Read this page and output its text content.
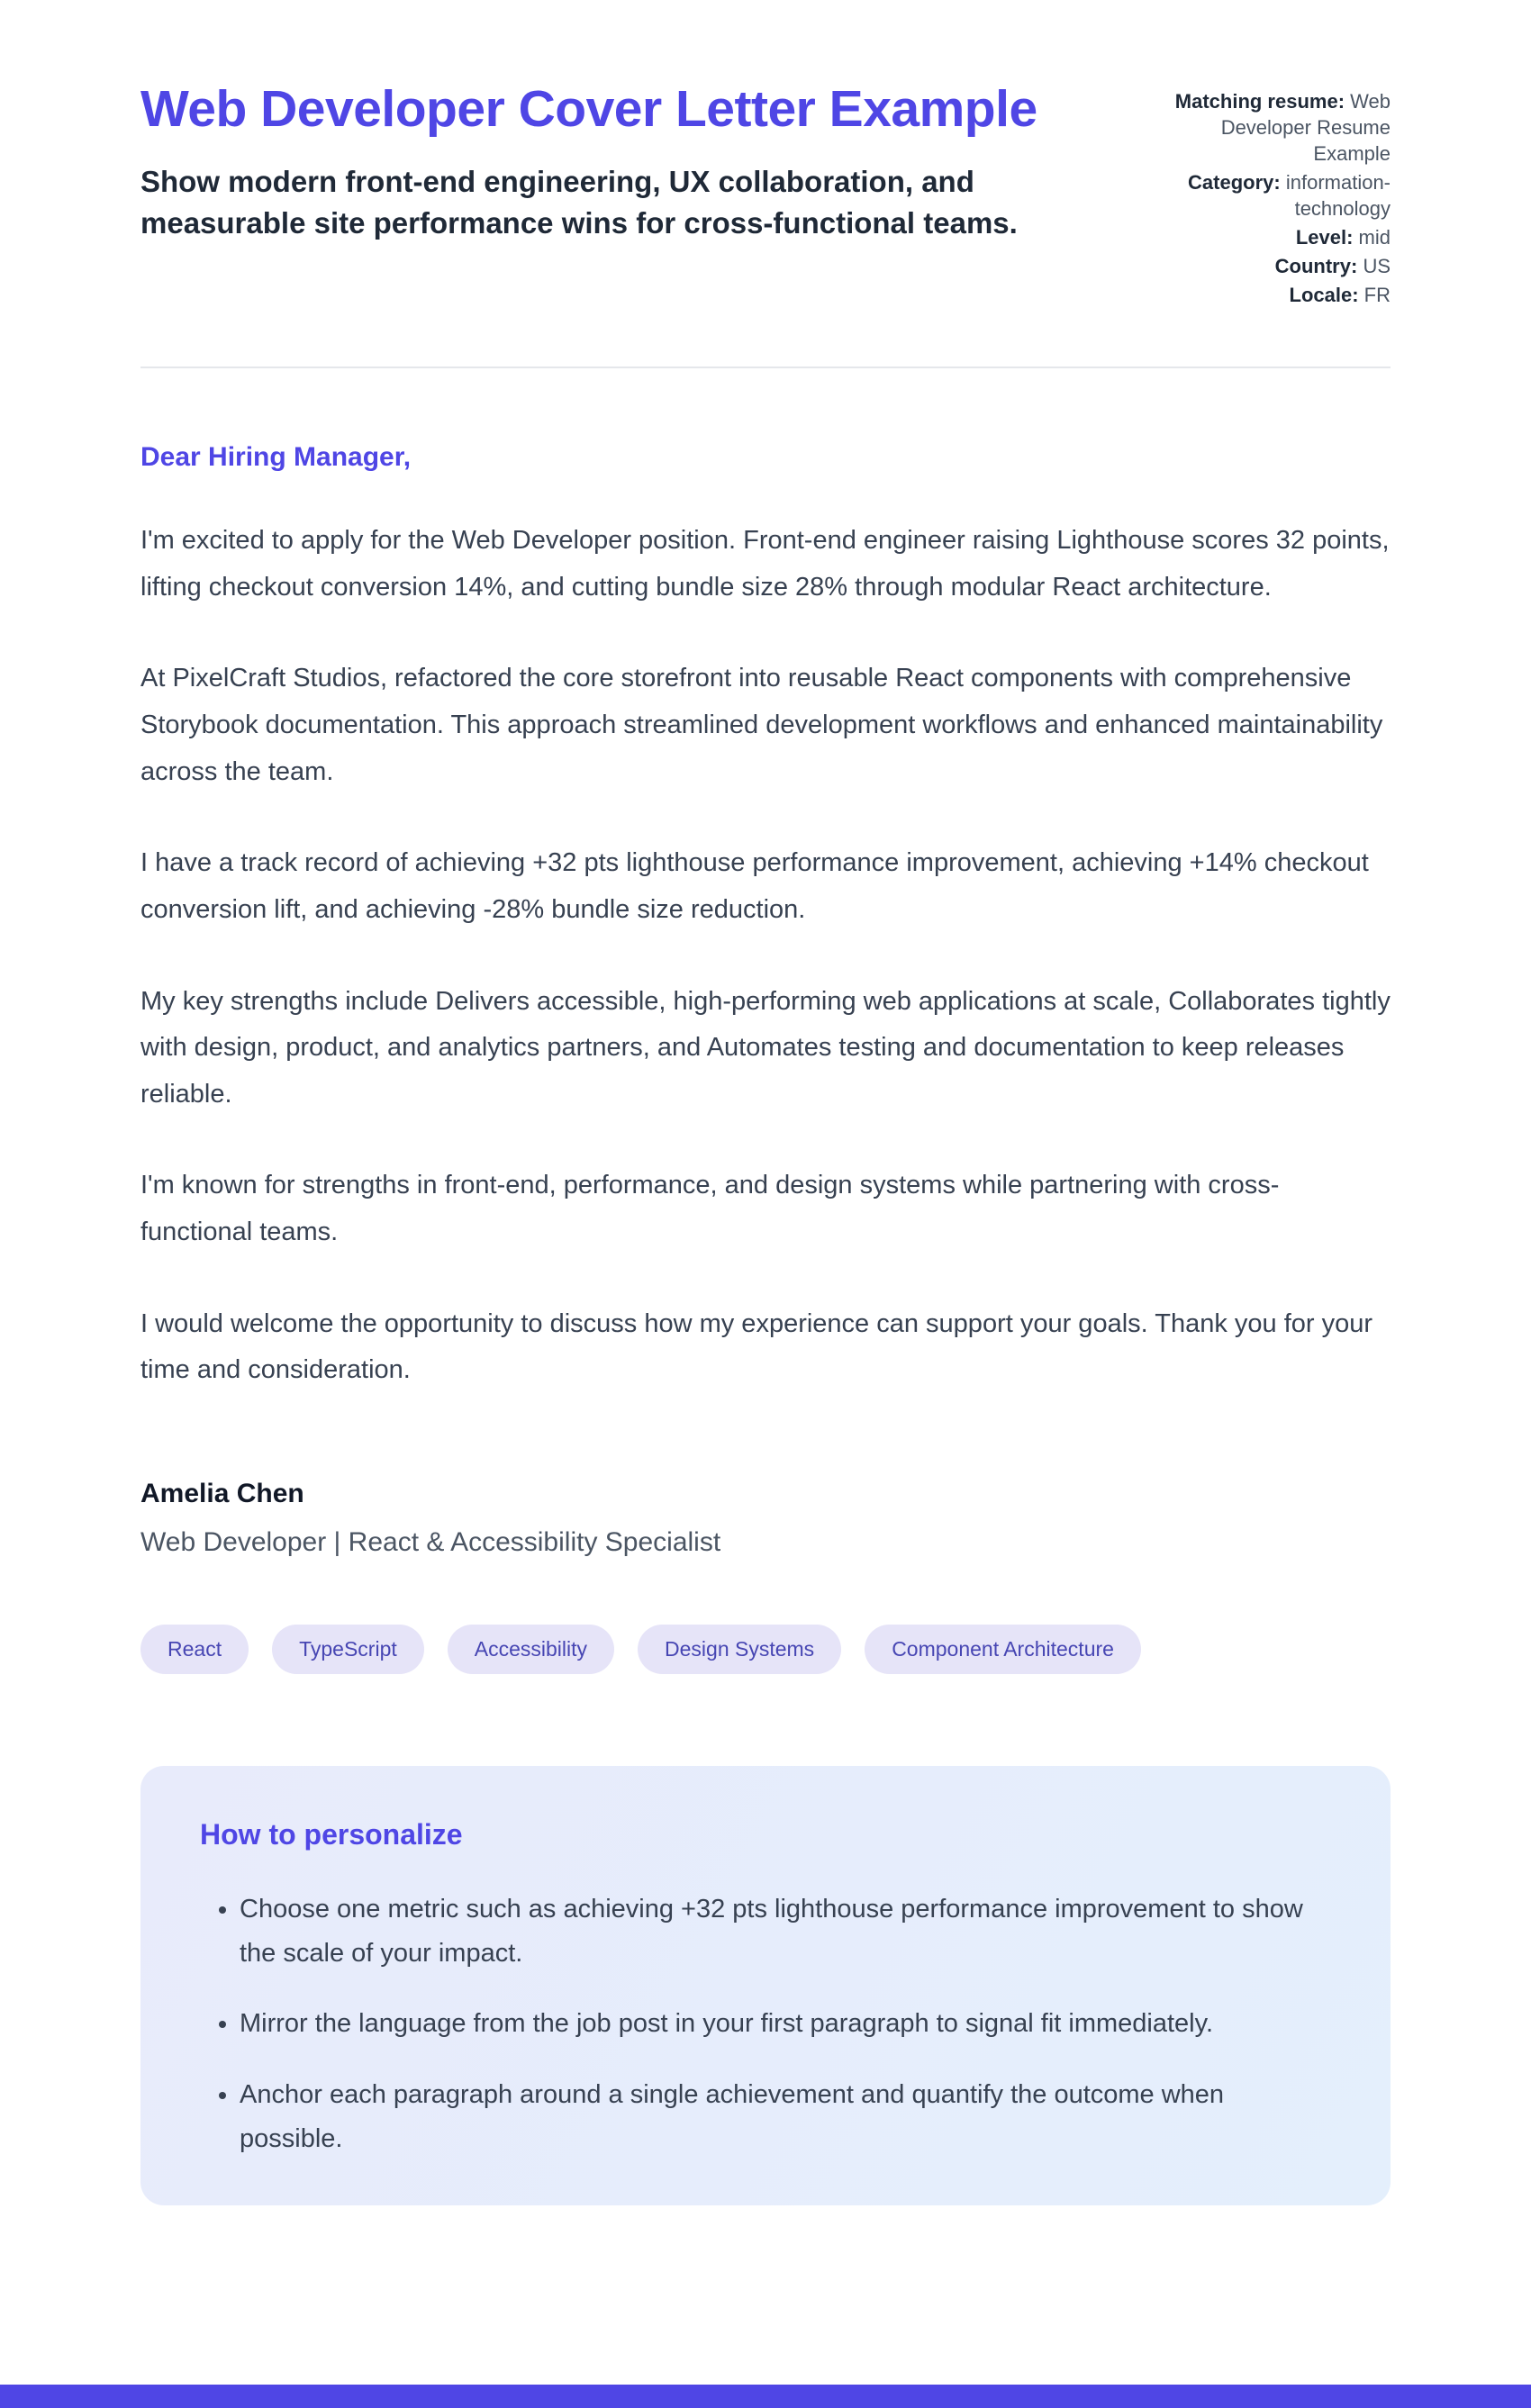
Web Developer Cover Letter Example
Show modern front-end engineering, UX collaboration, and measurable site performance wins for cross-functional teams.
Matching resume: Web Developer Resume Example
Category: information-technology
Level: mid
Country: US
Locale: FR
Dear Hiring Manager,

I'm excited to apply for the Web Developer position. Front-end engineer raising Lighthouse scores 32 points, lifting checkout conversion 14%, and cutting bundle size 28% through modular React architecture.

At PixelCraft Studios, refactored the core storefront into reusable React components with comprehensive Storybook documentation. This approach streamlined development workflows and enhanced maintainability across the team.

I have a track record of achieving +32 pts lighthouse performance improvement, achieving +14% checkout conversion lift, and achieving -28% bundle size reduction.

My key strengths include Delivers accessible, high-performing web applications at scale, Collaborates tightly with design, product, and analytics partners, and Automates testing and documentation to keep releases reliable.

I'm known for strengths in front-end, performance, and design systems while partnering with cross-functional teams.

I would welcome the opportunity to discuss how my experience can support your goals. Thank you for your time and consideration.

Amelia Chen
Web Developer | React & Accessibility Specialist
React	TypeScript	Accessibility	Design Systems	Component Architecture
How to personalize
• Choose one metric such as achieving +32 pts lighthouse performance improvement to show the scale of your impact.
• Mirror the language from the job post in your first paragraph to signal fit immediately.
• Anchor each paragraph around a single achievement and quantify the outcome when possible.
